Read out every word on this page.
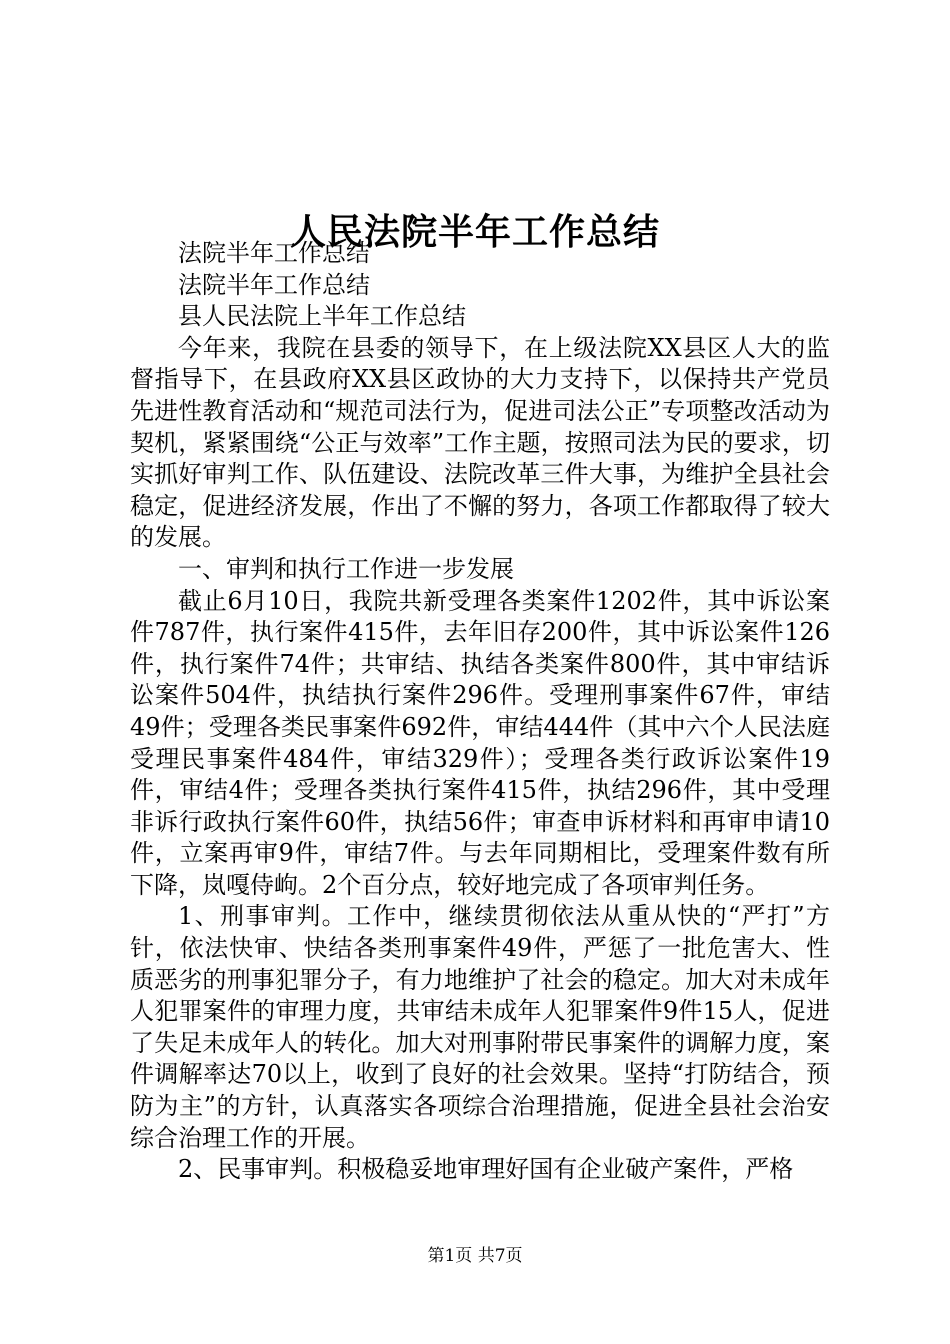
人民法院半年工作总结

法院半年工作总结

法院半年工作总结

县人民法院上半年工作总结

今年来，我院在县委的领导下，在上级法院XX县区人大的监督指导下，在县政府XX县区政协的大力支持下，以保持共产党员先进性教育活动和“规范司法行为，促进司法公正”专项整改活动为契机，紧紧围绕“公正与效率”工作主题，按照司法为民的要求，切实抓好审判工作、队伍建设、法院改革三件大事，为维护全县社会稳定，促进经济发展，作出了不懈的努力，各项工作都取得了较大的发展。

一、审判和执行工作进一步发展

截止6月10日，我院共新受理各类案件1202件，其中诉讼案件787件，执行案件415件，去年旧存200件，其中诉讼案件126件，执行案件74件；共审结、执结各类案件800件，其中审结诉讼案件504件，执结执行案件296件。受理刑事案件67件，审结49件；受理各类民事案件692件，审结444件（其中六个人民法庭受理民事案件484件，审结329件）；受理各类行政诉讼案件19件，审结4件；受理各类执行案件415件，执结296件，其中受理非诉行政执行案件60件，执结56件；审查申诉材料和再审申请10件，立案再审9件，审结7件。与去年同期相比，受理案件数有所下降，岚嘎侍岣。2个百分点，较好地完成了各项审判任务。

1、刑事审判。工作中，继续贯彻依法从重从快的“严打”方针，依法快审、快结各类刑事案件49件，严惩了一批危害大、性质恶劣的刑事犯罪分子，有力地维护了社会的稳定。加大对未成年人犯罪案件的审理力度，共审结未成年人犯罪案件9件15人，促进了失足未成年人的转化。加大对刑事附带民事案件的调解力度，案件调解率达70以上，收到了良好的社会效果。坚持“打防结合，预防为主”的方针，认真落实各项综合治理措施，促进全县社会治安综合治理工作的开展。

2、民事审判。积极稳妥地审理好国有企业破产案件，严格

第1页 共7页
